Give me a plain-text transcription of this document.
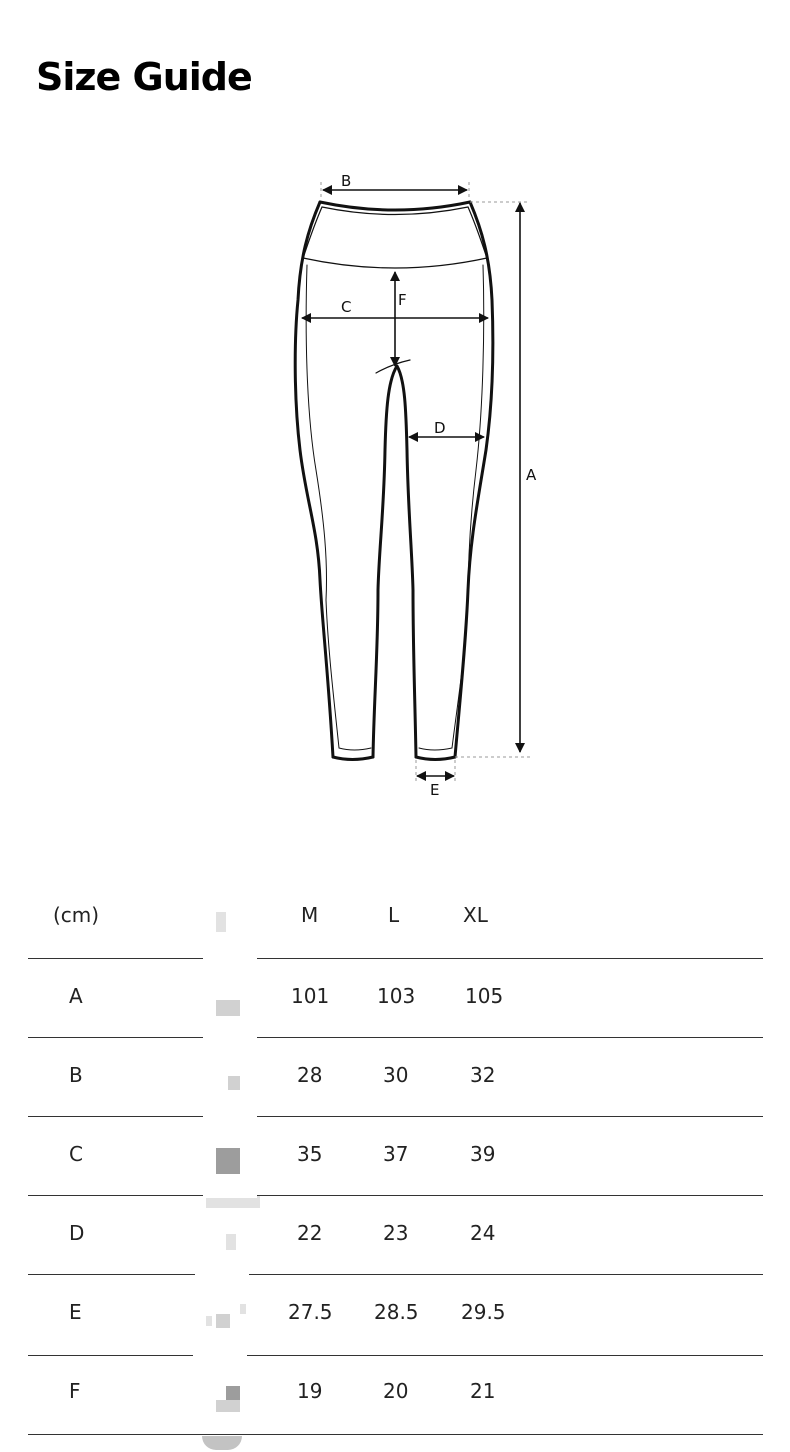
Size Guide
B
C	F
D
A
E
(cm)	M	L	XL
A	101 103 105
B	28	30	32
C	35	37	39
D	22	23	24
E	27.5 28.5 29.5
F	19	20	21
